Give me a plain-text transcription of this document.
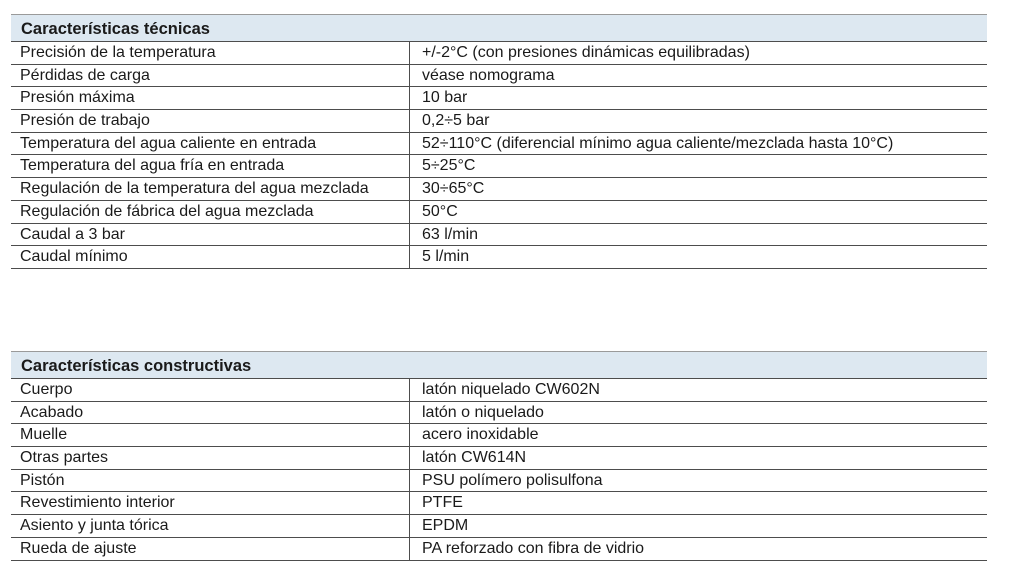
Características técnicas
Precisión de la temperatura	+/-2°C (con presiones dinámicas equilibradas)
Pérdidas de carga	véase nomograma
Presión máxima	10 bar
Presión de trabajo	0,2÷5 bar
Temperatura del agua caliente en entrada	52÷110°C (diferencial mínimo agua caliente/mezclada hasta 10°C)
Temperatura del agua fría en entrada	5÷25°C
Regulación de la temperatura del agua mezclada	30÷65°C
Regulación de fábrica del agua mezclada	50°C
Caudal a 3 bar	63 l/min
Caudal mínimo	5 l/min
Características constructivas
Cuerpo	latón niquelado CW602N
Acabado	latón o niquelado
Muelle	acero inoxidable
Otras partes	latón CW614N
Pistón	PSU polímero polisulfona
Revestimiento interior	PTFE
Asiento y junta tórica	EPDM
Rueda de ajuste	PA reforzado con fibra de vidrio
